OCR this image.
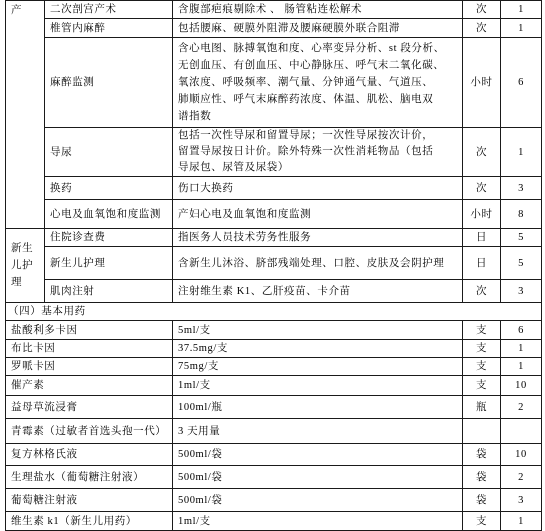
产	二次剖宫产术	含腹部疤痕剔除术 、 肠管粘连松解术	次	1
	椎管内麻醉	包括腰麻、硬膜外阻滞及腰麻硬膜外联合阻滞	次	1
	麻醉监测	含心电图、脉搏氧饱和度、心率变异分析、st 段分析、
无创血压、有创血压、中心静脉压、呼气末二氧化碳、
氧浓度、呼吸频率、潮气量、分钟通气量、气道压、
肺顺应性、呼气末麻醉药浓度、体温、肌松、脑电双
谱指数	小时	6
	导尿	包括一次性导尿和留置导尿；一次性导尿按次计价，
留置导尿按日计价。除外特殊一次性消耗物品（包括
导尿包、尿管及尿袋）	次	1
	换药	伤口大换药	次	3
	心电及血氧饱和度监测	产妇心电及血氧饱和度监测	小时	8
新生儿护理	住院诊查费	指医务人员技术劳务性服务	日	5
	新生儿护理	含新生儿沐浴、脐部残端处理、口腔、皮肤及会阴护理	日	5
	肌肉注射	注射维生素 K1、乙肝疫苗、卡介苗	次	3
（四）基本用药				
盐酸利多卡因		5ml/支	支	6
布比卡因		37.5mg/支	支	1
罗哌卡因		75mg/支	支	1
催产素		1ml/支	支	10
益母草流浸膏		100ml/瓶	瓶	2
青霉素（过敏者首选头孢一代）		3 天用量		
复方林格氏液		500ml/袋	袋	10
生理盐水（葡萄糖注射液）		500ml/袋	袋	2
葡萄糖注射液		500ml/袋	袋	3
维生素 k1（新生儿用药）		1ml/支	支	1
